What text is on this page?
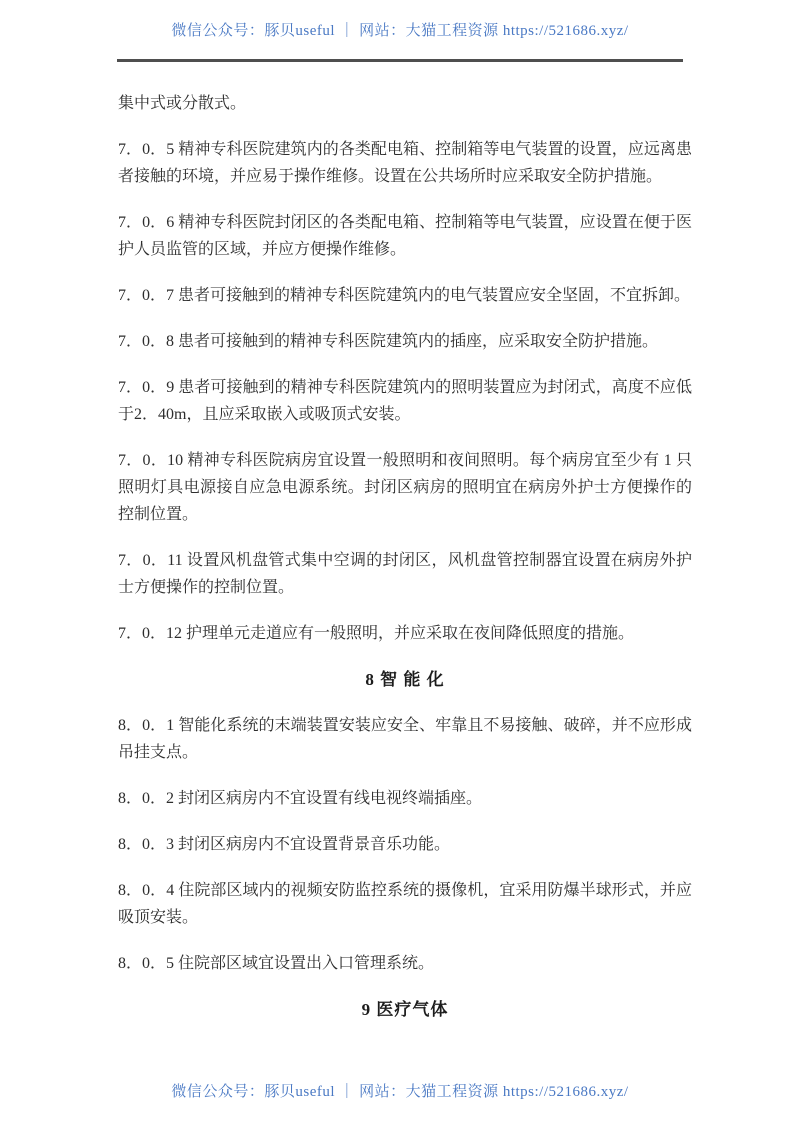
微信公众号：豚贝useful ｜ 网站：大猫工程资源 https://521686.xyz/

集中式或分散式。

7．0．5 精神专科医院建筑内的各类配电箱、控制箱等电气装置的设置，应远离患者接触的环境，并应易于操作维修。设置在公共场所时应采取安全防护措施。

7．0．6 精神专科医院封闭区的各类配电箱、控制箱等电气装置，应设置在便于医护人员监管的区域，并应方便操作维修。

7．0．7 患者可接触到的精神专科医院建筑内的电气装置应安全坚固，不宜拆卸。

7．0．8 患者可接触到的精神专科医院建筑内的插座，应采取安全防护措施。

7．0．9 患者可接触到的精神专科医院建筑内的照明装置应为封闭式，高度不应低于2．40m，且应采取嵌入或吸顶式安装。

7．0．10 精神专科医院病房宜设置一般照明和夜间照明。每个病房宜至少有 1 只照明灯具电源接自应急电源系统。封闭区病房的照明宜在病房外护士方便操作的控制位置。

7．0．11 设置风机盘管式集中空调的封闭区，风机盘管控制器宜设置在病房外护士方便操作的控制位置。

7．0．12 护理单元走道应有一般照明，并应采取在夜间降低照度的措施。

8 智 能 化

8．0．1 智能化系统的末端装置安装应安全、牢靠且不易接触、破碎，并不应形成吊挂支点。

8．0．2 封闭区病房内不宜设置有线电视终端插座。

8．0．3 封闭区病房内不宜设置背景音乐功能。

8．0．4 住院部区域内的视频安防监控系统的摄像机，宜采用防爆半球形式，并应吸顶安装。

8．0．5 住院部区域宜设置出入口管理系统。

9 医疗气体
微信公众号：豚贝useful ｜ 网站：大猫工程资源 https://521686.xyz/
